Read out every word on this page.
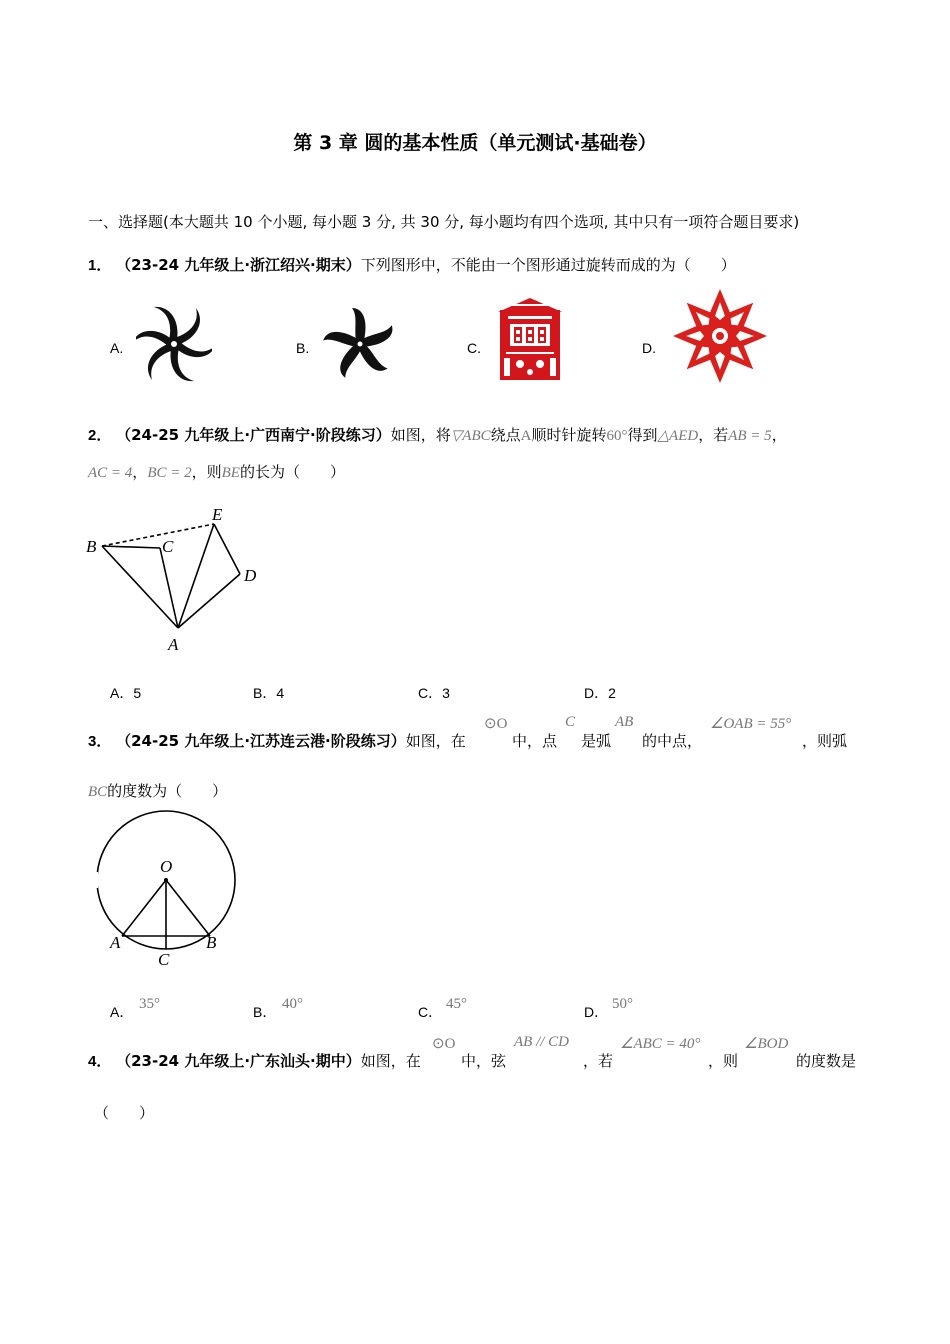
第 3 章 圆的基本性质（单元测试·基础卷）
一、选择题(本大题共 10 个小题, 每小题 3 分, 共 30 分, 每小题均有四个选项, 其中只有一项符合题目要求)
1． （23-24 九年级上·浙江绍兴·期末）下列图形中，不能由一个图形通过旋转而成的为（　　）
A.	B.	C.	D.
2． （24-25 九年级上·广西南宁·阶段练习）如图，将▽ABC绕点A顺时针旋转60°得到△AED，若AB = 5，
AC = 4，BC = 2，则BE的长为（　　）
B	C
E
D
A
A．5	B．4	C．3	D．2
3． （24-25 九年级上·江苏连云港·阶段练习）如图，在
⊙O
中，点
C
是弧
AB
的中点，
∠OAB = 55°
，则弧
BC的度数为（　　）
O
A	B
C
A． 35°	B． 40°	C． 45°	D． 50°
4． （23-24 九年级上·广东汕头·期中）如图，在
⊙O
中，弦
AB // CD
，若
∠ABC = 40°
，则
∠BOD
的度数是
（　　）
